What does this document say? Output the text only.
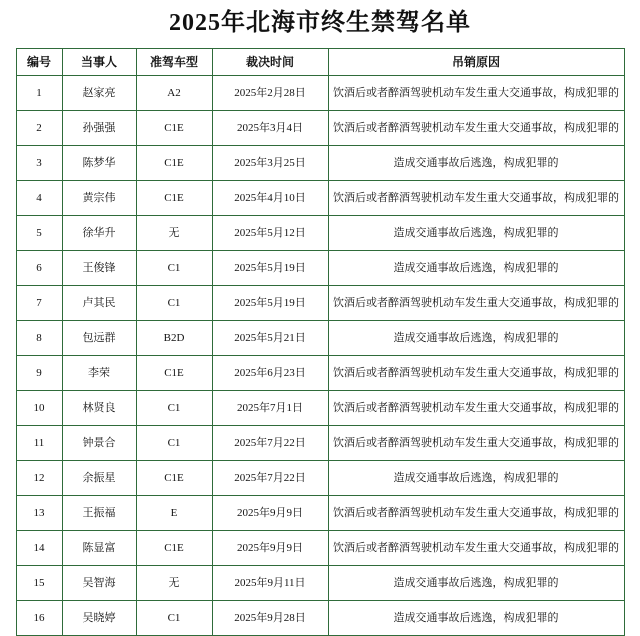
2025年北海市终生禁驾名单
编号	当事人	准驾车型	裁决时间	吊销原因
1	赵家亮	A2	2025年2月28日	饮酒后或者醉酒驾驶机动车发生重大交通事故，构成犯罪的
2	孙强强	C1E	2025年3月4日	饮酒后或者醉酒驾驶机动车发生重大交通事故，构成犯罪的
3	陈梦华	C1E	2025年3月25日	造成交通事故后逃逸，构成犯罪的
4	黄宗伟	C1E	2025年4月10日	饮酒后或者醉酒驾驶机动车发生重大交通事故，构成犯罪的
5	徐华升	无	2025年5月12日	造成交通事故后逃逸，构成犯罪的
6	王俊锋	C1	2025年5月19日	造成交通事故后逃逸，构成犯罪的
7	卢其民	C1	2025年5月19日	饮酒后或者醉酒驾驶机动车发生重大交通事故，构成犯罪的
8	包远群	B2D	2025年5月21日	造成交通事故后逃逸，构成犯罪的
9	李荣	C1E	2025年6月23日	饮酒后或者醉酒驾驶机动车发生重大交通事故，构成犯罪的
10	林贤良	C1	2025年7月1日	饮酒后或者醉酒驾驶机动车发生重大交通事故，构成犯罪的
11	钟景合	C1	2025年7月22日	饮酒后或者醉酒驾驶机动车发生重大交通事故，构成犯罪的
12	余振星	C1E	2025年7月22日	造成交通事故后逃逸，构成犯罪的
13	王振福	E	2025年9月9日	饮酒后或者醉酒驾驶机动车发生重大交通事故，构成犯罪的
14	陈显富	C1E	2025年9月9日	饮酒后或者醉酒驾驶机动车发生重大交通事故，构成犯罪的
15	吴智海	无	2025年9月11日	造成交通事故后逃逸，构成犯罪的
16	吴晓婷	C1	2025年9月28日	造成交通事故后逃逸，构成犯罪的
